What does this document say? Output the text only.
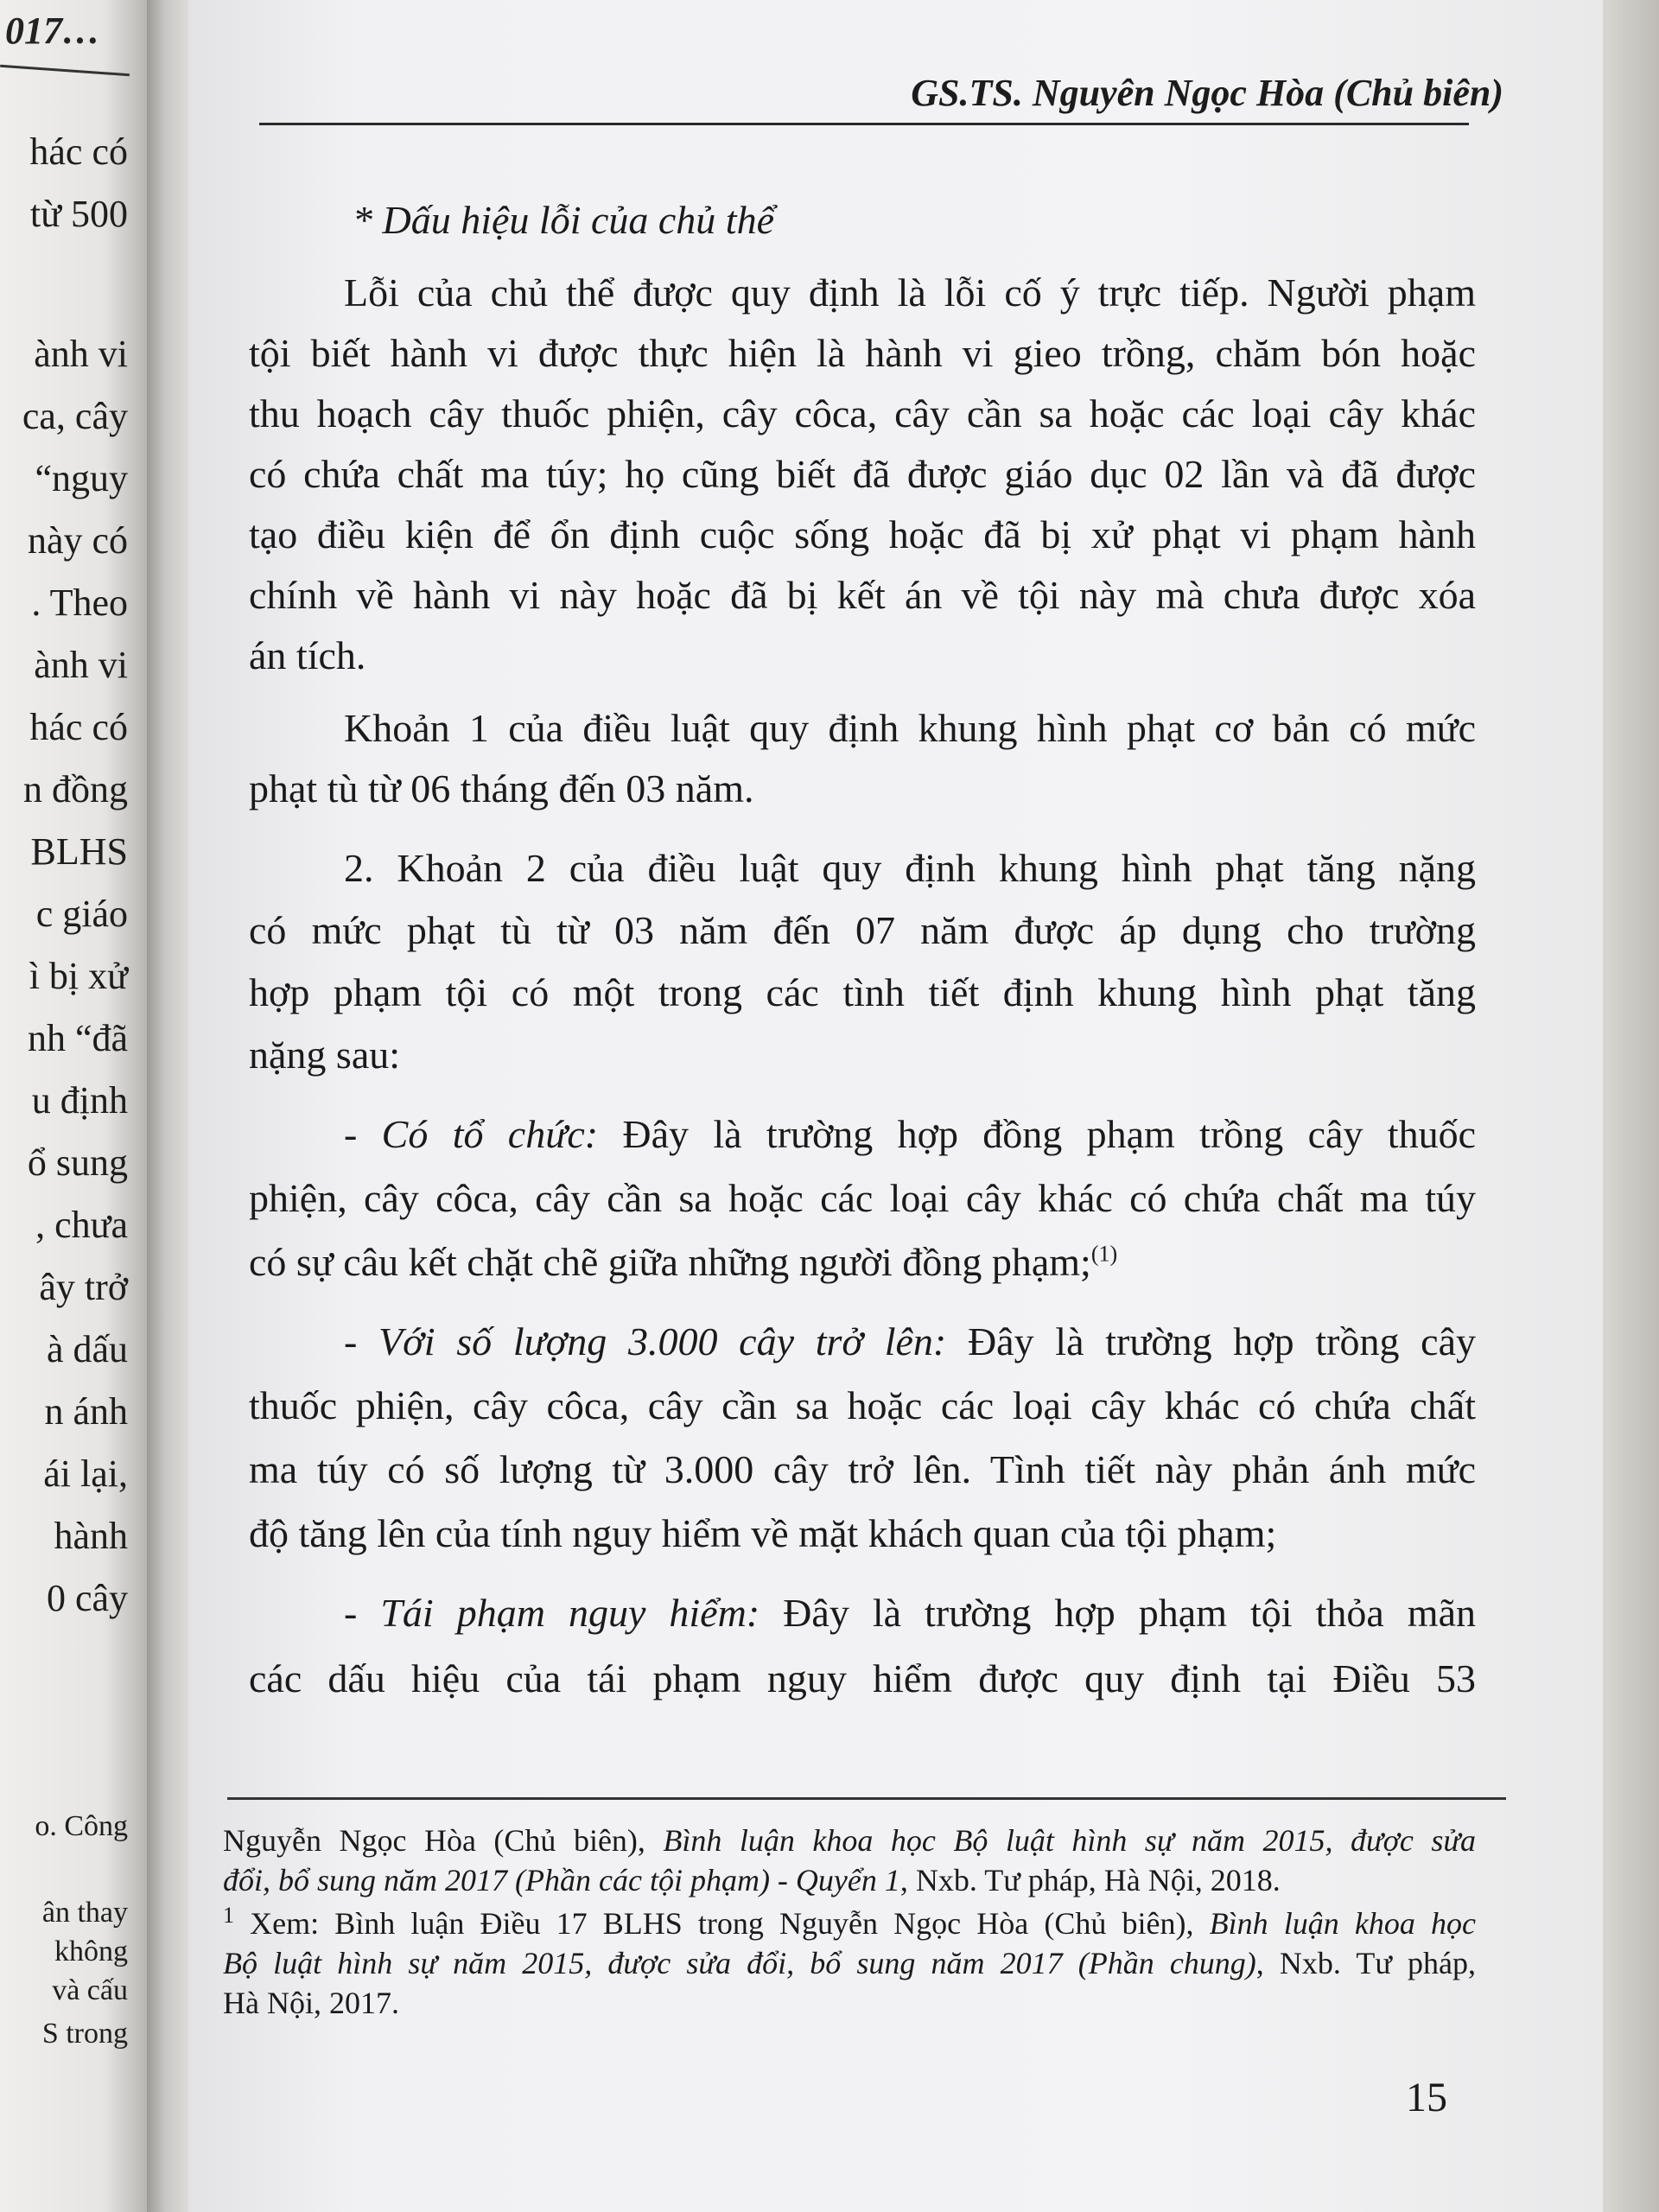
017…
hác có
từ 500
ành vi
ca, cây
“nguy
này có
. Theo
ành vi
hác có
n đồng
BLHS
c giáo
ì bị xử
nh “đã
u định
ổ sung
, chưa
ây trở
à dấu
n ánh
ái lại,
hành
0 cây
o. Công
ân thay
không
và cấu
S trong
GS.TS. Nguyên Ngọc Hòa (Chủ biên)
* Dấu hiệu lỗi của chủ thể
Lỗi của chủ thể được quy định là lỗi cố ý trực tiếp. Người phạm
tội biết hành vi được thực hiện là hành vi gieo trồng, chăm bón hoặc
thu hoạch cây thuốc phiện, cây côca, cây cần sa hoặc các loại cây khác
có chứa chất ma túy; họ cũng biết đã được giáo dục 02 lần và đã được
tạo điều kiện để ổn định cuộc sống hoặc đã bị xử phạt vi phạm hành
chính về hành vi này hoặc đã bị kết án về tội này mà chưa được xóa
án tích.
Khoản 1 của điều luật quy định khung hình phạt cơ bản có mức
phạt tù từ 06 tháng đến 03 năm.
2. Khoản 2 của điều luật quy định khung hình phạt tăng nặng
có mức phạt tù từ 03 năm đến 07 năm được áp dụng cho trường
hợp phạm tội có một trong các tình tiết định khung hình phạt tăng
nặng sau:
- Có tổ chức: Đây là trường hợp đồng phạm trồng cây thuốc
phiện, cây côca, cây cần sa hoặc các loại cây khác có chứa chất ma túy
có sự câu kết chặt chẽ giữa những người đồng phạm;$^{(1)}$
- Với số lượng 3.000 cây trở lên: Đây là trường hợp trồng cây
thuốc phiện, cây côca, cây cần sa hoặc các loại cây khác có chứa chất
ma túy có số lượng từ 3.000 cây trở lên. Tình tiết này phản ánh mức
độ tăng lên của tính nguy hiểm về mặt khách quan của tội phạm;
- Tái phạm nguy hiểm: Đây là trường hợp phạm tội thỏa mãn
các dấu hiệu của tái phạm nguy hiểm được quy định tại Điều 53
Nguyễn Ngọc Hòa (Chủ biên), Bình luận khoa học Bộ luật hình sự năm 2015, được sửa
đổi, bổ sung năm 2017 (Phần các tội phạm) - Quyển 1, Nxb. Tư pháp, Hà Nội, 2018.
$^1$ Xem: Bình luận Điều 17 BLHS trong Nguyễn Ngọc Hòa (Chủ biên), Bình luận khoa học
Bộ luật hình sự năm 2015, được sửa đổi, bổ sung năm 2017 (Phần chung), Nxb. Tư pháp,
Hà Nội, 2017.
15
